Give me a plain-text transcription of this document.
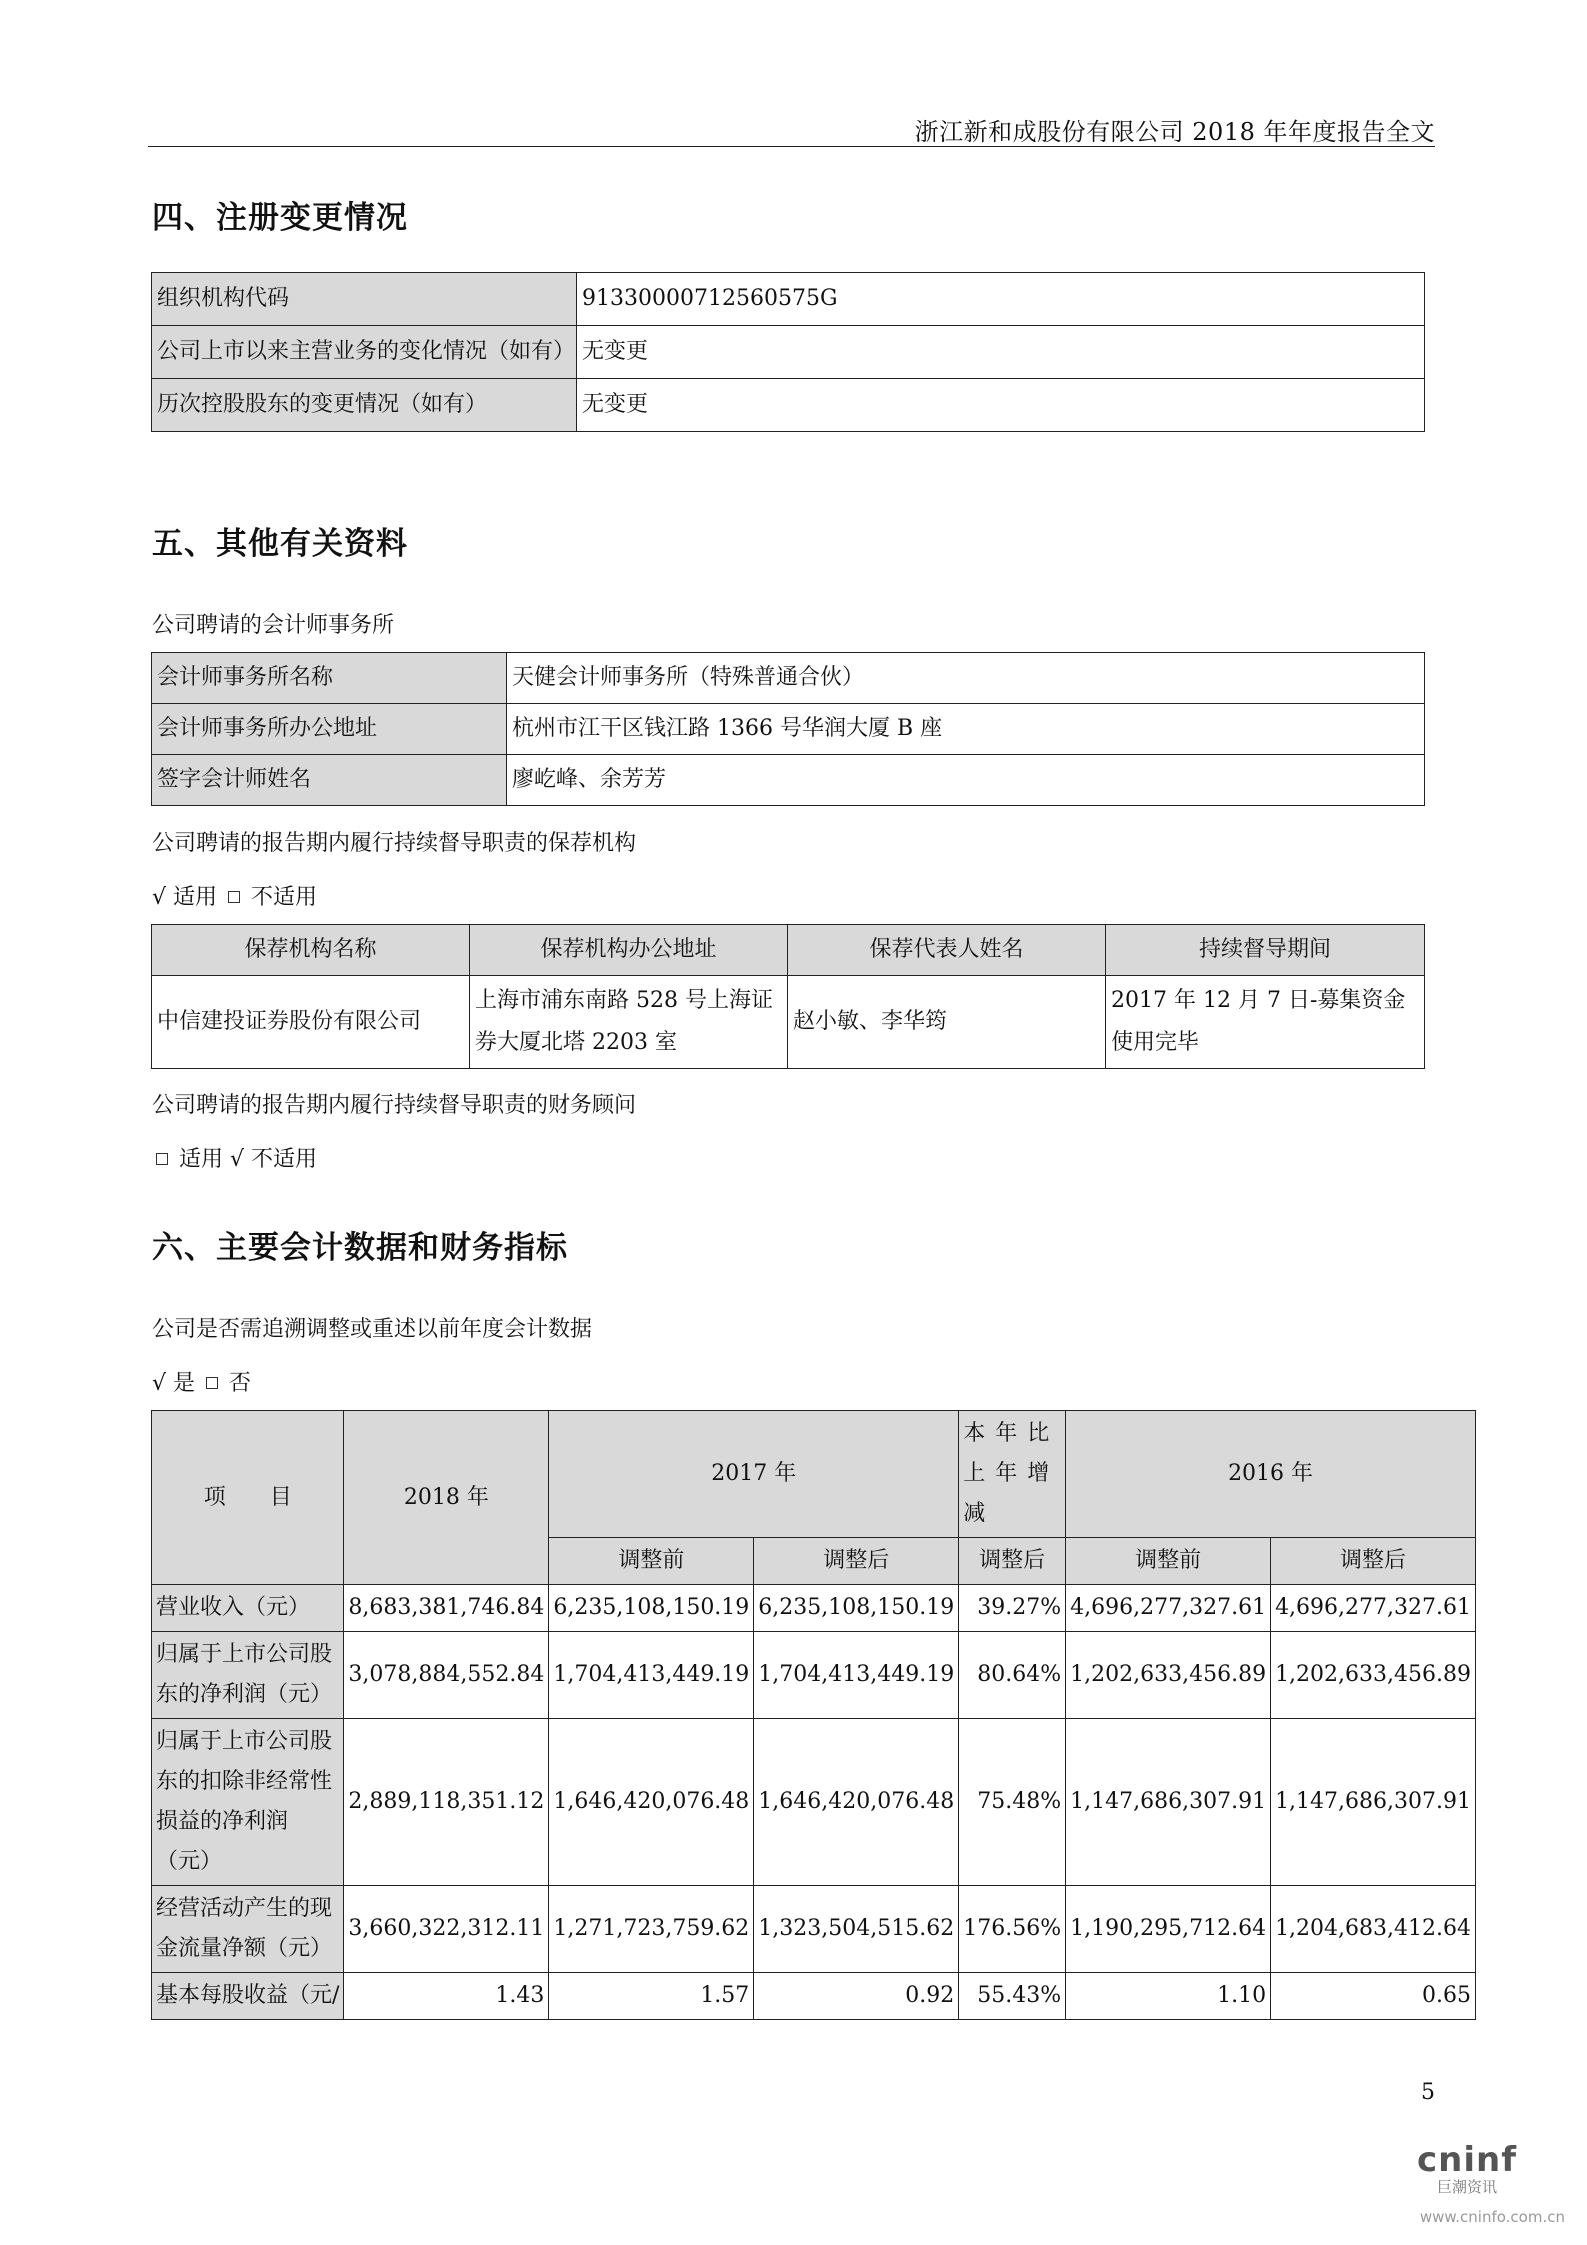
浙江新和成股份有限公司 2018 年年度报告全文
四、注册变更情况
组织机构代码	91330000712560575G
公司上市以来主营业务的变化情况（如有）	无变更
历次控股股东的变更情况（如有）	无变更
五、其他有关资料
公司聘请的会计师事务所
会计师事务所名称	天健会计师事务所（特殊普通合伙）
会计师事务所办公地址	杭州市江干区钱江路 1366 号华润大厦 B 座
签字会计师姓名	廖屹峰、余芳芳
公司聘请的报告期内履行持续督导职责的保荐机构
√ 适用 不适用
保荐机构名称	保荐机构办公地址	保荐代表人姓名	持续督导期间
中信建投证券股份有限公司	上海市浦东南路 528 号上海证券大厦北塔 2203 室	赵小敏、李华筠	2017 年 12 月 7 日-募集资金使用完毕
公司聘请的报告期内履行持续督导职责的财务顾问
适用 √ 不适用
六、主要会计数据和财务指标
公司是否需追溯调整或重述以前年度会计数据
√ 是 否
项　　目	2018 年	2017 年		本年比上年增减	2016 年	
		调整前	调整后	调整后	调整前	调整后
营业收入（元）	8,683,381,746.84	6,235,108,150.19	6,235,108,150.19	39.27%	4,696,277,327.61	4,696,277,327.61
归属于上市公司股东的净利润（元）	3,078,884,552.84	1,704,413,449.19	1,704,413,449.19	80.64%	1,202,633,456.89	1,202,633,456.89
归属于上市公司股东的扣除非经常性损益的净利润（元）	2,889,118,351.12	1,646,420,076.48	1,646,420,076.48	75.48%	1,147,686,307.91	1,147,686,307.91
经营活动产生的现金流量净额（元）	3,660,322,312.11	1,271,723,759.62	1,323,504,515.62	176.56%	1,190,295,712.64	1,204,683,412.64
基本每股收益（元/	1.43	1.57	0.92	55.43%	1.10	0.65
5
cninf
巨潮资讯
www.cninfo.com.cn
